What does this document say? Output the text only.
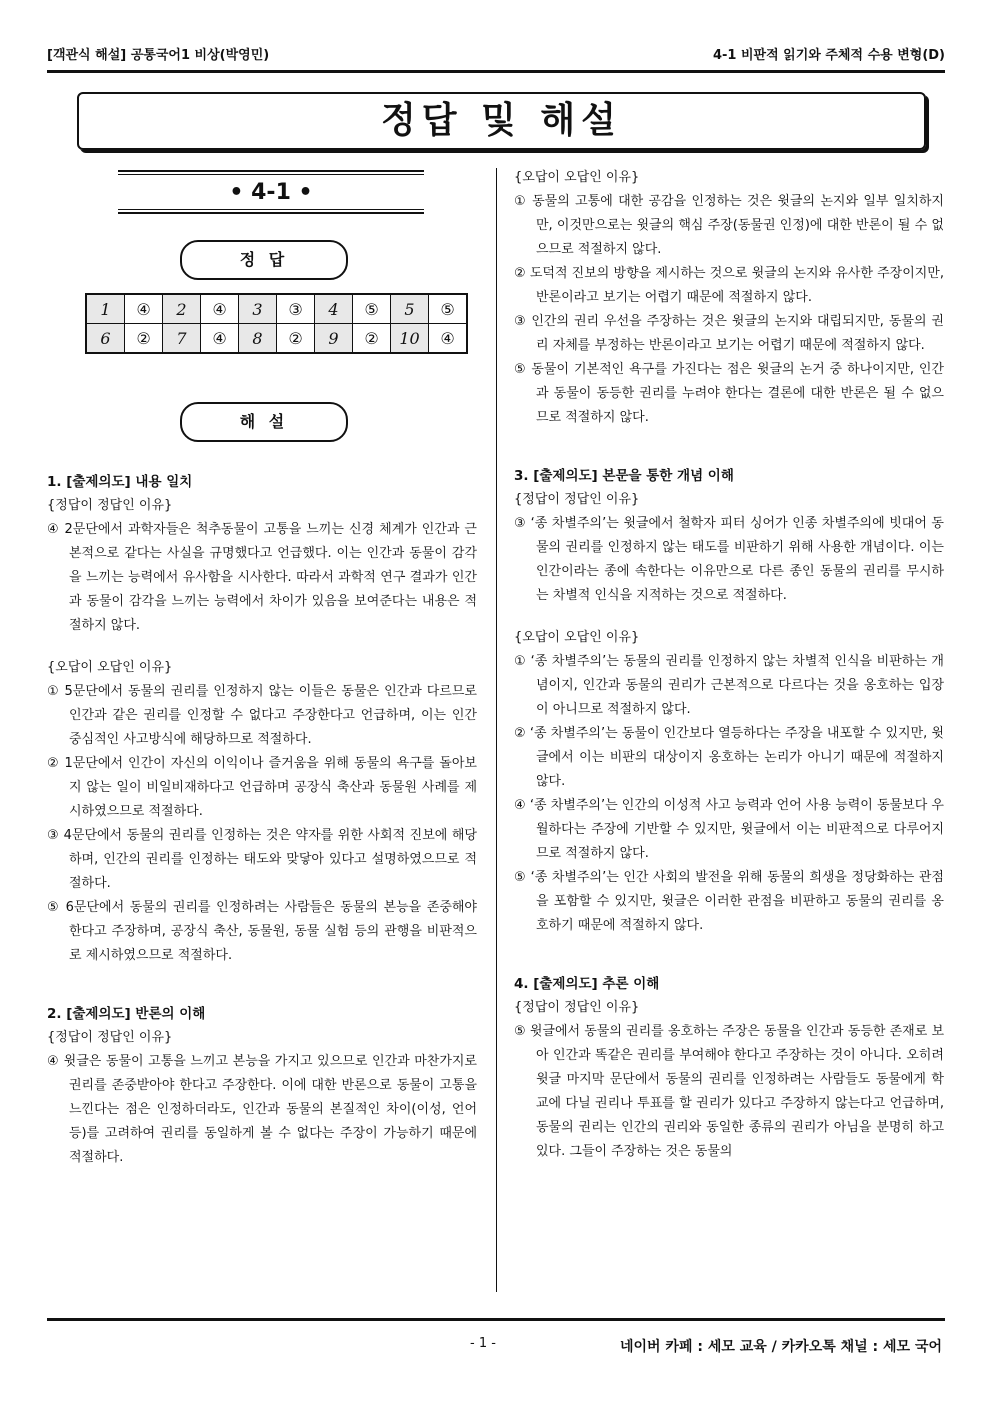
[객관식 해설] 공통국어1 비상(박영민)	4-1 비판적 읽기와 주체적 수용 변형(D)
정답 및 해설
• 4-1 •
정 답
1	④	2	④	3	③	4	⑤	5	⑤
6	②	7	④	8	②	9	②	10	④
해 설

1. [출제의도] 내용 일치

{정답이 정답인 이유}

④ 2문단에서 과학자들은 척추동물이 고통을 느끼는 신경 체계가 인간과 근본적으로 같다는 사실을 규명했다고 언급했다. 이는 인간과 동물이 감각을 느끼는 능력에서 유사함을 시사한다. 따라서 과학적 연구 결과가 인간과 동물이 감각을 느끼는 능력에서 차이가 있음을 보여준다는 내용은 적절하지 않다.

{오답이 오답인 이유}

① 5문단에서 동물의 권리를 인정하지 않는 이들은 동물은 인간과 다르므로 인간과 같은 권리를 인정할 수 없다고 주장한다고 언급하며, 이는 인간 중심적인 사고방식에 해당하므로 적절하다.

② 1문단에서 인간이 자신의 이익이나 즐거움을 위해 동물의 욕구를 돌아보지 않는 일이 비일비재하다고 언급하며 공장식 축산과 동물원 사례를 제시하였으므로 적절하다.

③ 4문단에서 동물의 권리를 인정하는 것은 약자를 위한 사회적 진보에 해당하며, 인간의 권리를 인정하는 태도와 맞닿아 있다고 설명하였으므로 적절하다.

⑤ 6문단에서 동물의 권리를 인정하려는 사람들은 동물의 본능을 존중해야 한다고 주장하며, 공장식 축산, 동물원, 동물 실험 등의 관행을 비판적으로 제시하였으므로 적절하다.

2. [출제의도] 반론의 이해

{정답이 정답인 이유}

④ 윗글은 동물이 고통을 느끼고 본능을 가지고 있으므로 인간과 마찬가지로 권리를 존중받아야 한다고 주장한다. 이에 대한 반론으로 동물이 고통을 느낀다는 점은 인정하더라도, 인간과 동물의 본질적인 차이(이성, 언어 등)를 고려하여 권리를 동일하게 볼 수 없다는 주장이 가능하기 때문에 적절하다.

{오답이 오답인 이유}

① 동물의 고통에 대한 공감을 인정하는 것은 윗글의 논지와 일부 일치하지만, 이것만으로는 윗글의 핵심 주장(동물권 인정)에 대한 반론이 될 수 없으므로 적절하지 않다.

② 도덕적 진보의 방향을 제시하는 것으로 윗글의 논지와 유사한 주장이지만, 반론이라고 보기는 어렵기 때문에 적절하지 않다.

③ 인간의 권리 우선을 주장하는 것은 윗글의 논지와 대립되지만, 동물의 권리 자체를 부정하는 반론이라고 보기는 어렵기 때문에 적절하지 않다.

⑤ 동물이 기본적인 욕구를 가진다는 점은 윗글의 논거 중 하나이지만, 인간과 동물이 동등한 권리를 누려야 한다는 결론에 대한 반론은 될 수 없으므로 적절하지 않다.

3. [출제의도] 본문을 통한 개념 이해

{정답이 정답인 이유}

③ ‘종 차별주의’는 윗글에서 철학자 피터 싱어가 인종 차별주의에 빗대어 동물의 권리를 인정하지 않는 태도를 비판하기 위해 사용한 개념이다. 이는 인간이라는 종에 속한다는 이유만으로 다른 종인 동물의 권리를 무시하는 차별적 인식을 지적하는 것으로 적절하다.

{오답이 오답인 이유}

① ‘종 차별주의’는 동물의 권리를 인정하지 않는 차별적 인식을 비판하는 개념이지, 인간과 동물의 권리가 근본적으로 다르다는 것을 옹호하는 입장이 아니므로 적절하지 않다.

② ‘종 차별주의’는 동물이 인간보다 열등하다는 주장을 내포할 수 있지만, 윗글에서 이는 비판의 대상이지 옹호하는 논리가 아니기 때문에 적절하지 않다.

④ ‘종 차별주의’는 인간의 이성적 사고 능력과 언어 사용 능력이 동물보다 우월하다는 주장에 기반할 수 있지만, 윗글에서 이는 비판적으로 다루어지므로 적절하지 않다.

⑤ ‘종 차별주의’는 인간 사회의 발전을 위해 동물의 희생을 정당화하는 관점을 포함할 수 있지만, 윗글은 이러한 관점을 비판하고 동물의 권리를 옹호하기 때문에 적절하지 않다.

4. [출제의도] 추론 이해

{정답이 정답인 이유}

⑤ 윗글에서 동물의 권리를 옹호하는 주장은 동물을 인간과 동등한 존재로 보아 인간과 똑같은 권리를 부여해야 한다고 주장하는 것이 아니다. 오히려 윗글 마지막 문단에서 동물의 권리를 인정하려는 사람들도 동물에게 학교에 다닐 권리나 투표를 할 권리가 있다고 주장하지 않는다고 언급하며, 동물의 권리는 인간의 권리와 동일한 종류의 권리가 아님을 분명히 하고 있다. 그들이 주장하는 것은 동물의

- 1 -	네이버 카페 : 세모 교육 / 카카오톡 채널 : 세모 국어
